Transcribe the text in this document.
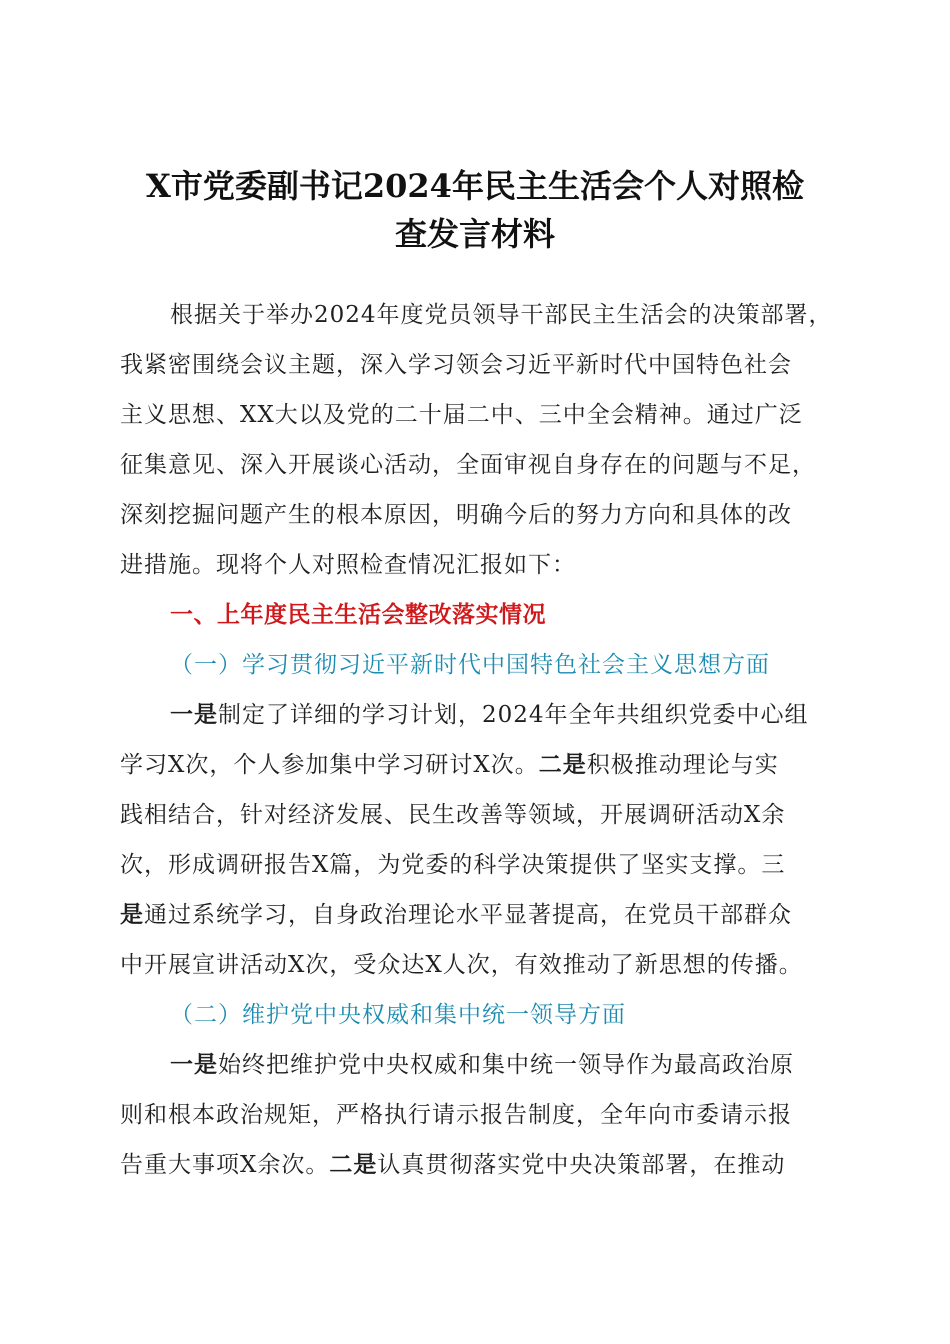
X市党委副书记2024年民主生活会个人对照检
查发言材料
根据关于举办2024年度党员领导干部民主生活会的决策部署，
我紧密围绕会议主题，深入学习领会习近平新时代中国特色社会
主义思想、XX大以及党的二十届二中、三中全会精神。通过广泛
征集意见、深入开展谈心活动，全面审视自身存在的问题与不足，
深刻挖掘问题产生的根本原因，明确今后的努力方向和具体的改
进措施。现将个人对照检查情况汇报如下：
一、上年度民主生活会整改落实情况
（一）学习贯彻习近平新时代中国特色社会主义思想方面
一是制定了详细的学习计划，2024年全年共组织党委中心组
学习X次，个人参加集中学习研讨X次。二是积极推动理论与实
践相结合，针对经济发展、民生改善等领域，开展调研活动X余
次，形成调研报告X篇，为党委的科学决策提供了坚实支撑。三
是通过系统学习，自身政治理论水平显著提高，在党员干部群众
中开展宣讲活动X次，受众达X人次，有效推动了新思想的传播。
（二）维护党中央权威和集中统一领导方面
一是始终把维护党中央权威和集中统一领导作为最高政治原
则和根本政治规矩，严格执行请示报告制度，全年向市委请示报
告重大事项X余次。二是认真贯彻落实党中央决策部署，在推动
